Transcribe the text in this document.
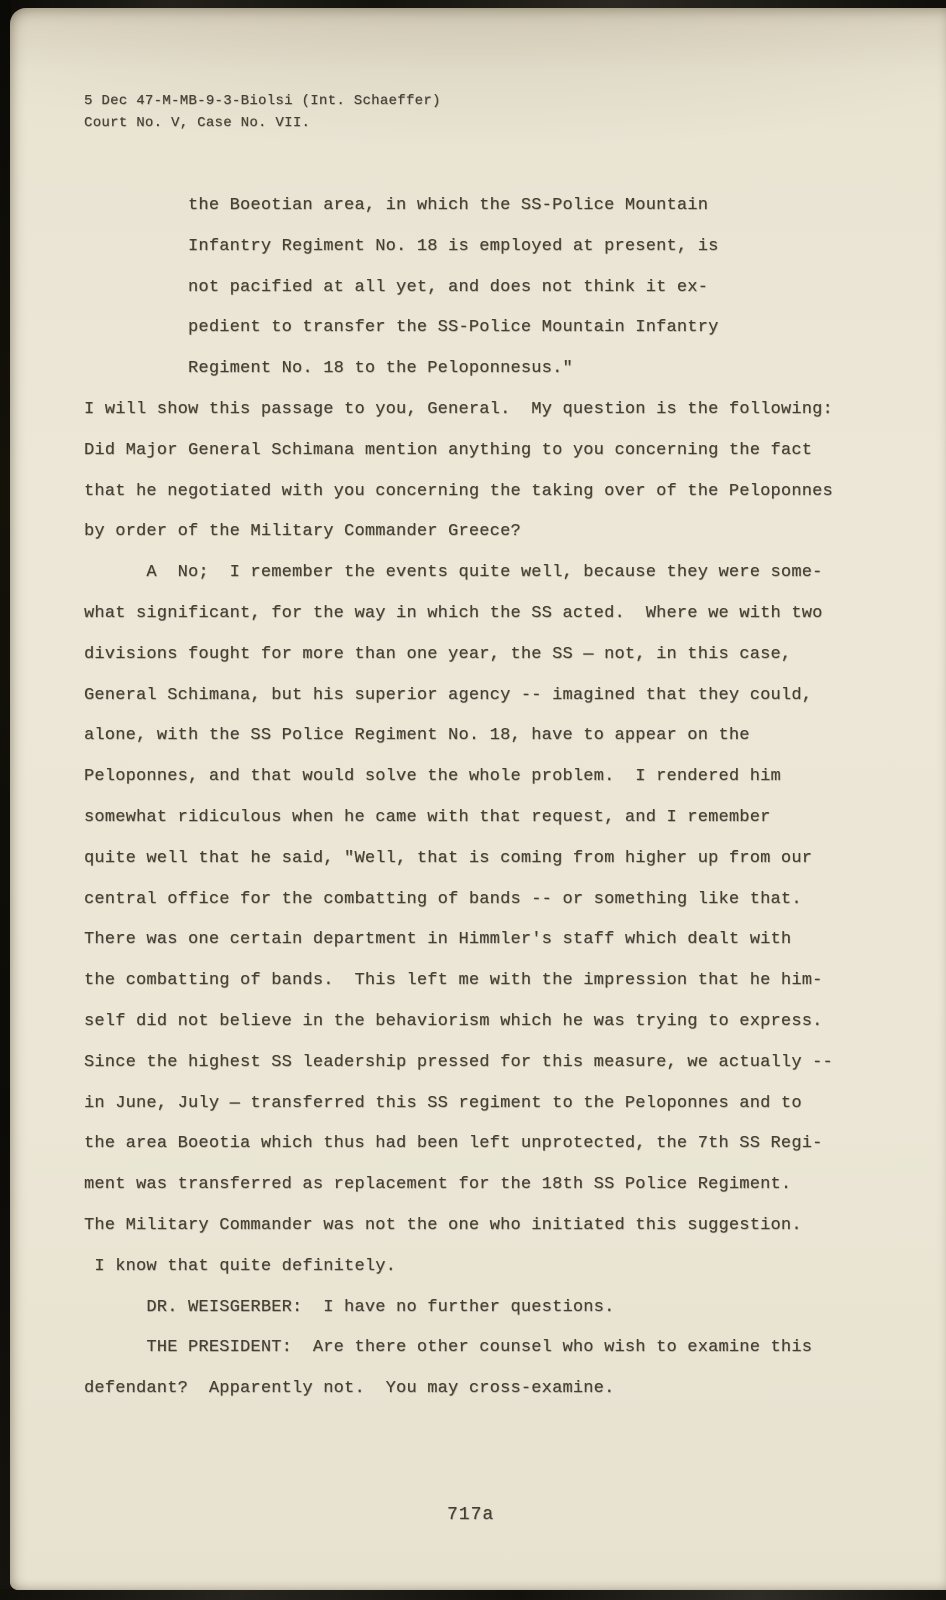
5 Dec 47-M-MB-9-3-Biolsi (Int. Schaeffer)
Court No. V, Case No. VII.
the Boeotian area, in which the SS-Police Mountain
Infantry Regiment No. 18 is employed at present, is
not pacified at all yet, and does not think it ex-
pedient to transfer the SS-Police Mountain Infantry
Regiment No. 18 to the Peloponnesus."
I will show this passage to you, General.  My question is the following:
Did Major General Schimana mention anything to you concerning the fact
that he negotiated with you concerning the taking over of the Peloponnes
by order of the Military Commander Greece?
A  No;  I remember the events quite well, because they were some-
what significant, for the way in which the SS acted.  Where we with two
divisions fought for more than one year, the SS — not, in this case,
General Schimana, but his superior agency -- imagined that they could,
alone, with the SS Police Regiment No. 18, have to appear on the
Peloponnes, and that would solve the whole problem.  I rendered him
somewhat ridiculous when he came with that request, and I remember
quite well that he said, "Well, that is coming from higher up from our
central office for the combatting of bands -- or something like that.
There was one certain department in Himmler's staff which dealt with
the combatting of bands.  This left me with the impression that he him-
self did not believe in the behaviorism which he was trying to express.
Since the highest SS leadership pressed for this measure, we actually --
in June, July — transferred this SS regiment to the Peloponnes and to
the area Boeotia which thus had been left unprotected, the 7th SS Regi-
ment was transferred as replacement for the 18th SS Police Regiment.
The Military Commander was not the one who initiated this suggestion.
I know that quite definitely.
DR. WEISGERBER:  I have no further questions.
THE PRESIDENT:  Are there other counsel who wish to examine this
defendant?  Apparently not.  You may cross-examine.
717a
